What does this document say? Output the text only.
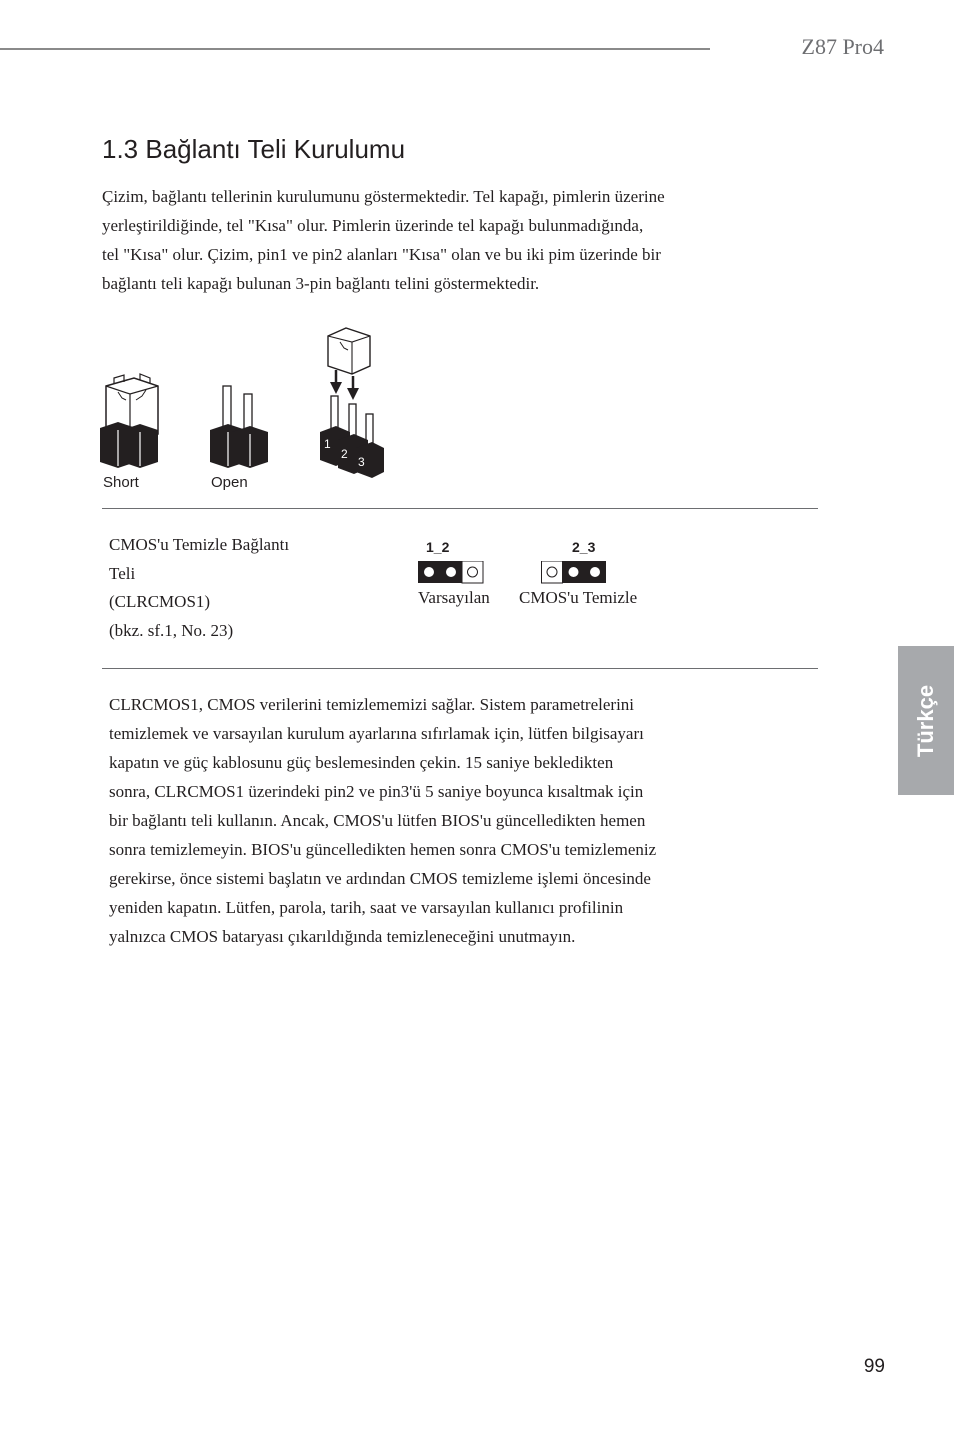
Z87 Pro4
1.3 Bağlantı Teli Kurulumu
Çizim, bağlantı tellerinin kurulumunu göstermektedir. Tel kapağı, pimlerin üzerine
yerleştirildiğinde, tel "Kısa" olur. Pimlerin üzerinde tel kapağı bulunmadığında,
tel "Kısa" olur. Çizim, pin1 ve pin2 alanları "Kısa" olan ve bu iki pim üzerinde bir
bağlantı teli kapağı bulunan 3-pin bağlantı telini göstermektedir.
Short	Open
1
2
3
CMOS'u Temizle Bağlantı
Teli
(CLRCMOS1)
(bkz. sf.1, No. 23)
1_2
Varsayılan
2_3
CMOS'u Temizle
CLRCMOS1, CMOS verilerini temizlememizi sağlar. Sistem parametrelerini
temizlemek ve varsayılan kurulum ayarlarına sıfırlamak için, lütfen bilgisayarı
kapatın ve güç kablosunu güç beslemesinden çekin. 15 saniye bekledikten
sonra, CLRCMOS1 üzerindeki pin2 ve pin3'ü 5 saniye boyunca kısaltmak için
bir bağlantı teli kullanın. Ancak, CMOS'u lütfen BIOS'u güncelledikten hemen
sonra temizlemeyin. BIOS'u güncelledikten hemen sonra CMOS'u temizlemeniz
gerekirse, önce sistemi başlatın ve ardından CMOS temizleme işlemi öncesinde
yeniden kapatın. Lütfen, parola, tarih, saat ve varsayılan kullanıcı profilinin
yalnızca CMOS bataryası çıkarıldığında temizleneceğini unutmayın.
Türkçe
99
